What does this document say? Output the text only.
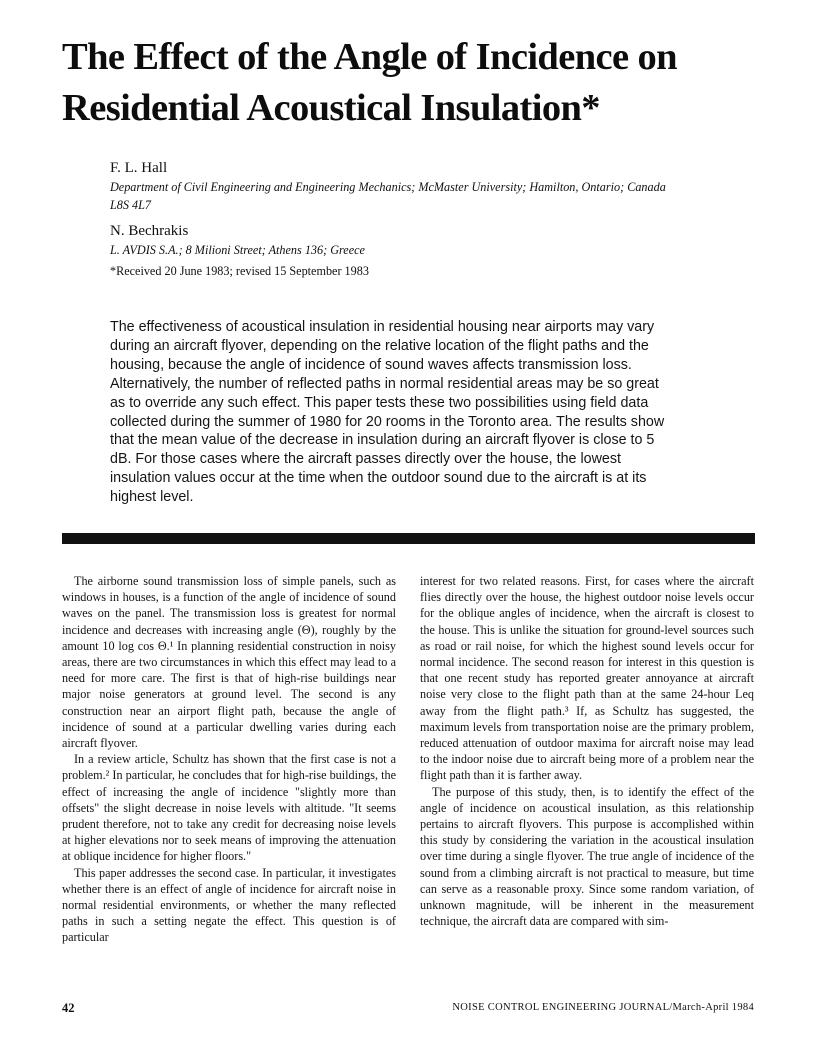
The Effect of the Angle of Incidence on Residential Acoustical Insulation*

F. L. Hall

Department of Civil Engineering and Engineering Mechanics; McMaster University; Hamilton, Ontario; Canada L8S 4L7

N. Bechrakis

L. AVDIS S.A.; 8 Milioni Street; Athens 136; Greece

*Received 20 June 1983; revised 15 September 1983

The effectiveness of acoustical insulation in residential housing near airports may vary during an aircraft flyover, depending on the relative location of the flight paths and the housing, because the angle of incidence of sound waves affects transmission loss. Alternatively, the number of reflected paths in normal residential areas may be so great as to override any such effect. This paper tests these two possibilities using field data collected during the summer of 1980 for 20 rooms in the Toronto area. The results show that the mean value of the decrease in insulation during an aircraft flyover is close to 5 dB. For those cases where the aircraft passes directly over the house, the lowest insulation values occur at the time when the outdoor sound due to the aircraft is at its highest level.

The airborne sound transmission loss of simple panels, such as windows in houses, is a function of the angle of incidence of sound waves on the panel. The transmission loss is greatest for normal incidence and decreases with increasing angle (Θ), roughly by the amount 10 log cos Θ.¹ In planning residential construction in noisy areas, there are two circumstances in which this effect may lead to a need for more care. The first is that of high-rise buildings near major noise generators at ground level. The second is any construction near an airport flight path, because the angle of incidence of sound at a particular dwelling varies during each aircraft flyover.

In a review article, Schultz has shown that the first case is not a problem.² In particular, he concludes that for high-rise buildings, the effect of increasing the angle of incidence "slightly more than offsets" the slight decrease in noise levels with altitude. "It seems prudent therefore, not to take any credit for decreasing noise levels at higher elevations nor to seek means of improving the attenuation at oblique incidence for higher floors."

This paper addresses the second case. In particular, it investigates whether there is an effect of angle of incidence for aircraft noise in normal residential environments, or whether the many reflected paths in such a setting negate the effect. This question is of particular

interest for two related reasons. First, for cases where the aircraft flies directly over the house, the highest outdoor noise levels occur for the oblique angles of incidence, when the aircraft is closest to the house. This is unlike the situation for ground-level sources such as road or rail noise, for which the highest sound levels occur for normal incidence. The second reason for interest in this question is that one recent study has reported greater annoyance at aircraft noise very close to the flight path than at the same 24-hour Leq away from the flight path.³ If, as Schultz has suggested, the maximum levels from transportation noise are the primary problem, reduced attenuation of outdoor maxima for aircraft noise may lead to the indoor noise due to aircraft being more of a problem near the flight path than it is farther away.

The purpose of this study, then, is to identify the effect of the angle of incidence on acoustical insulation, as this relationship pertains to aircraft flyovers. This purpose is accomplished within this study by considering the variation in the acoustical insulation over time during a single flyover. The true angle of incidence of the sound from a climbing aircraft is not practical to measure, but time can serve as a reasonable proxy. Since some random variation, of unknown magnitude, will be inherent in the measurement technique, the aircraft data are compared with sim-

42	NOISE CONTROL ENGINEERING JOURNAL/March-April 1984
